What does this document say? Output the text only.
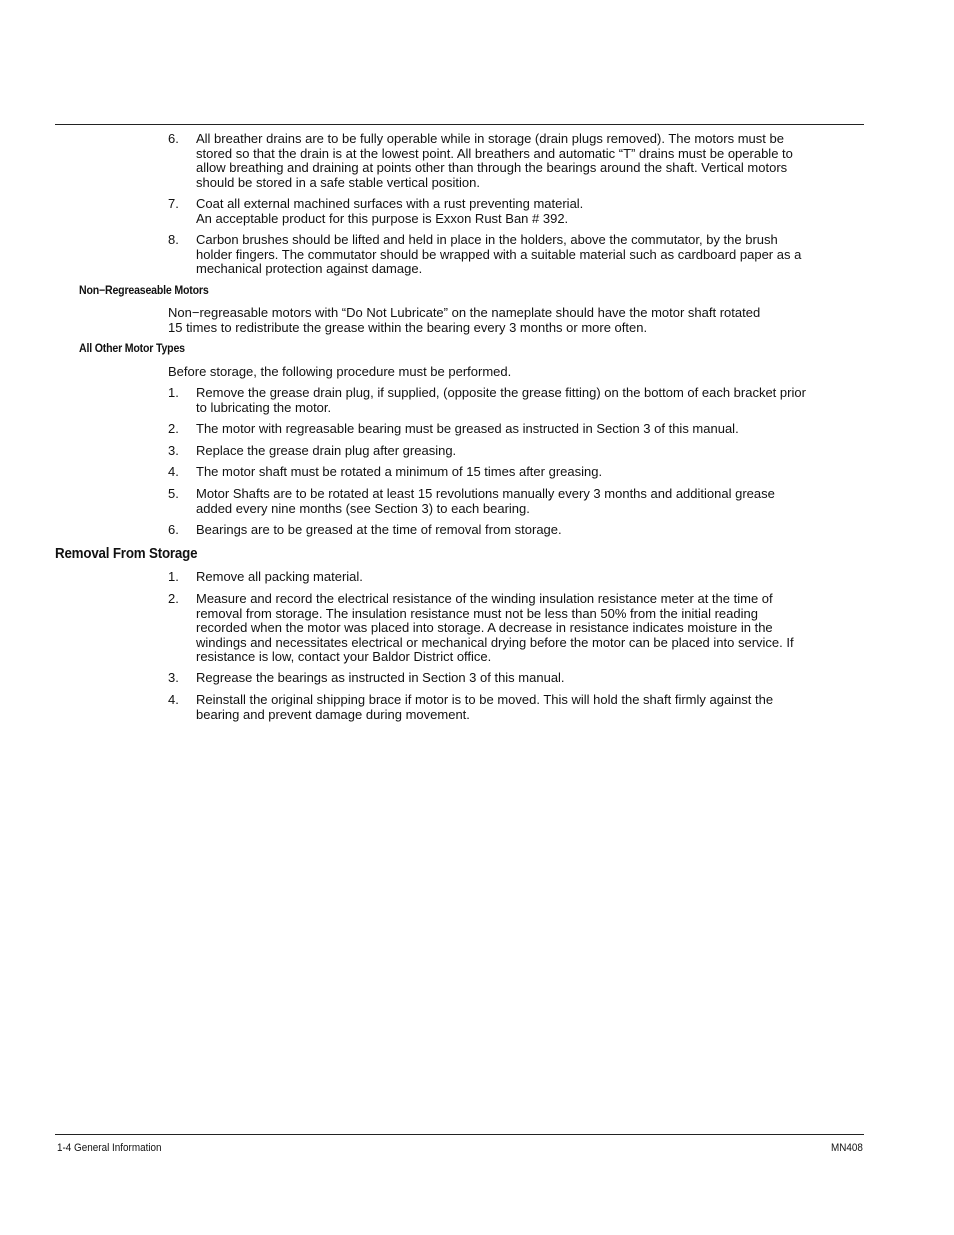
6. All breather drains are to be fully operable while in storage (drain plugs removed). The motors must be
stored so that the drain is at the lowest point. All breathers and automatic “T” drains must be operable to
allow breathing and draining at points other than through the bearings around the shaft. Vertical motors
should be stored in a safe stable vertical position.
7. Coat all external machined surfaces with a rust preventing material.
An acceptable product for this purpose is Exxon Rust Ban # 392.
8. Carbon brushes should be lifted and held in place in the holders, above the commutator, by the brush
holder fingers. The commutator should be wrapped with a suitable material such as cardboard paper as a
mechanical protection against damage.
Non−Regreaseable Motors
Non−regreasable motors with “Do Not Lubricate” on the nameplate should have the motor shaft rotated
15 times to redistribute the grease within the bearing every 3 months or more often.
All Other Motor Types
Before storage, the following procedure must be performed.
1. Remove the grease drain plug, if supplied, (opposite the grease fitting) on the bottom of each bracket prior
to lubricating the motor.
2. The motor with regreasable bearing must be greased as instructed in Section 3 of this manual.
3. Replace the grease drain plug after greasing.
4. The motor shaft must be rotated a minimum of 15 times after greasing.
5. Motor Shafts are to be rotated at least 15 revolutions manually every 3 months and additional grease
added every nine months (see Section 3) to each bearing.
6. Bearings are to be greased at the time of removal from storage.
Removal From Storage
1. Remove all packing material.
2. Measure and record the electrical resistance of the winding insulation resistance meter at the time of
removal from storage. The insulation resistance must not be less than 50% from the initial reading
recorded when the motor was placed into storage. A decrease in resistance indicates moisture in the
windings and necessitates electrical or mechanical drying before the motor can be placed into service. If
resistance is low, contact your Baldor District office.
3. Regrease the bearings as instructed in Section 3 of this manual.
4. Reinstall the original shipping brace if motor is to be moved. This will hold the shaft firmly against the
bearing and prevent damage during movement.
1-4 General Information	MN408
